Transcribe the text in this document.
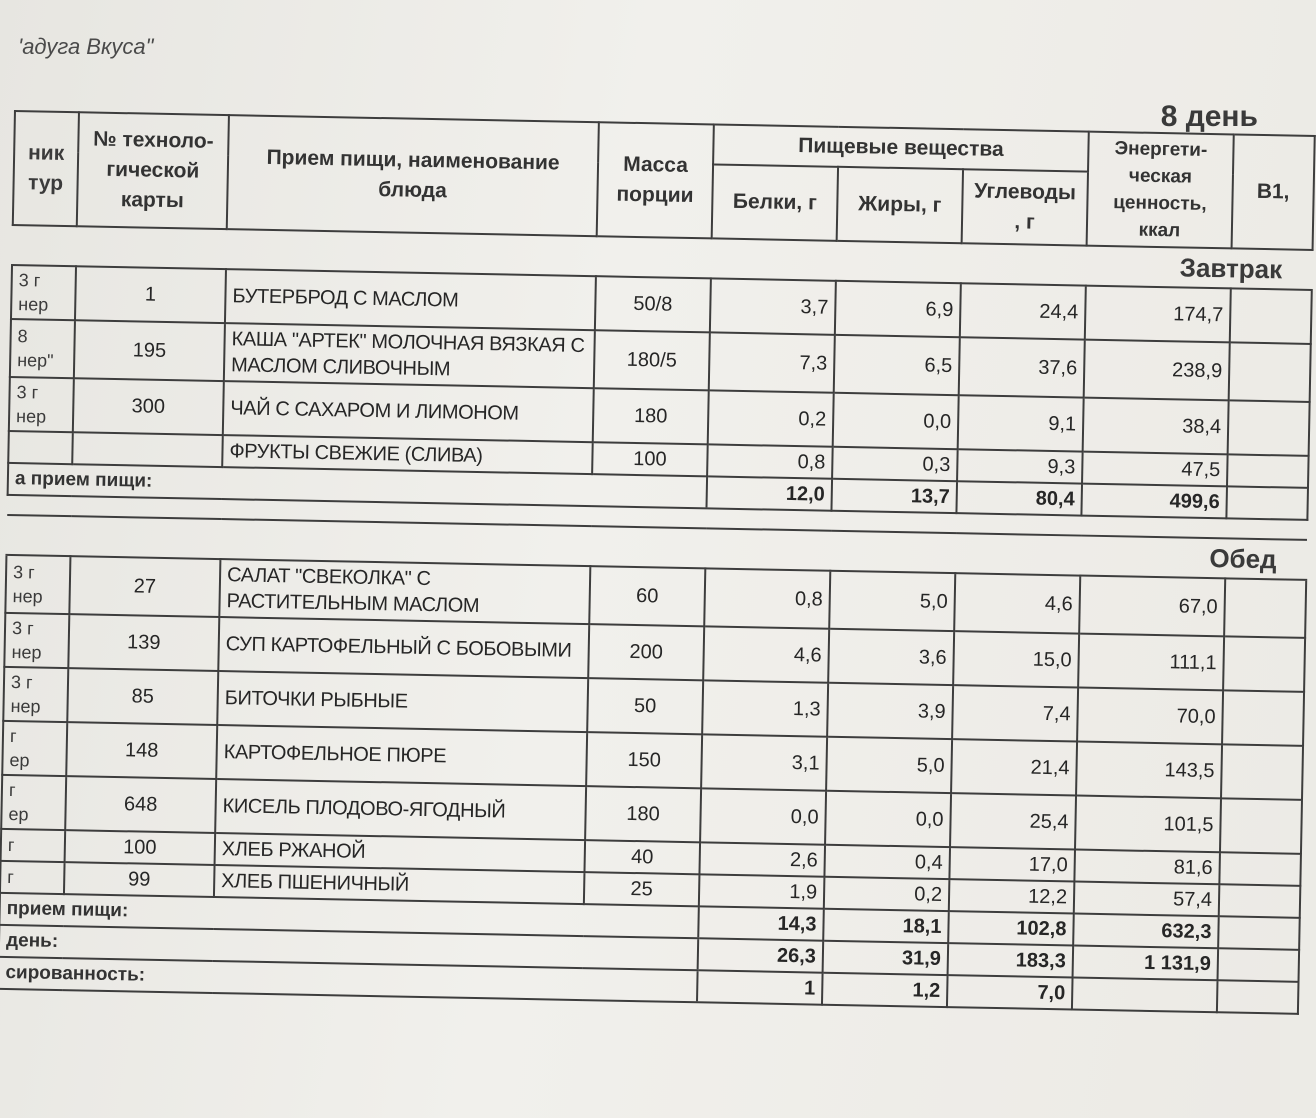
'адуга Вкуса"
8 день
ник тур	№ техноло-гической карты	Прием пищи, наименование блюда	Масса порции	Пищевые вещества			Энергети-ческая ценность, ккал	В1,
				Белки, г	Жиры, г	Углеводы , г		
Завтрак								
3 г
нер	1	БУТЕРБРОД С МАСЛОМ	50/8	3,7	6,9	24,4	174,7	
8
нер"	195	КАША "АРТЕК" МОЛОЧНАЯ ВЯЗКАЯ С МАСЛОМ СЛИВОЧНЫМ	180/5	7,3	6,5	37,6	238,9	
3 г
нер	300	ЧАЙ С САХАРОМ И ЛИМОНОМ	180	0,2	0,0	9,1	38,4	
		ФРУКТЫ СВЕЖИЕ (СЛИВА)	100	0,8	0,3	9,3	47,5	
а прием пищи:				12,0	13,7	80,4	499,6	

Обед								
3 г
нер	27	САЛАТ "СВЕКОЛКА" С РАСТИТЕЛЬНЫМ МАСЛОМ	60	0,8	5,0	4,6	67,0	
3 г
нер	139	СУП КАРТОФЕЛЬНЫЙ С БОБОВЫМИ	200	4,6	3,6	15,0	111,1	
3 г
нер	85	БИТОЧКИ РЫБНЫЕ	50	1,3	3,9	7,4	70,0	
г
ер	148	КАРТОФЕЛЬНОЕ ПЮРЕ	150	3,1	5,0	21,4	143,5	
г
ер	648	КИСЕЛЬ ПЛОДОВО-ЯГОДНЫЙ	180	0,0	0,0	25,4	101,5	
г	100	ХЛЕБ РЖАНОЙ	40	2,6	0,4	17,0	81,6	
г	99	ХЛЕБ ПШЕНИЧНЫЙ	25	1,9	0,2	12,2	57,4	
прием пищи:				14,3	18,1	102,8	632,3	
день:				26,3	31,9	183,3	1 131,9	
сированность:				1	1,2	7,0		
